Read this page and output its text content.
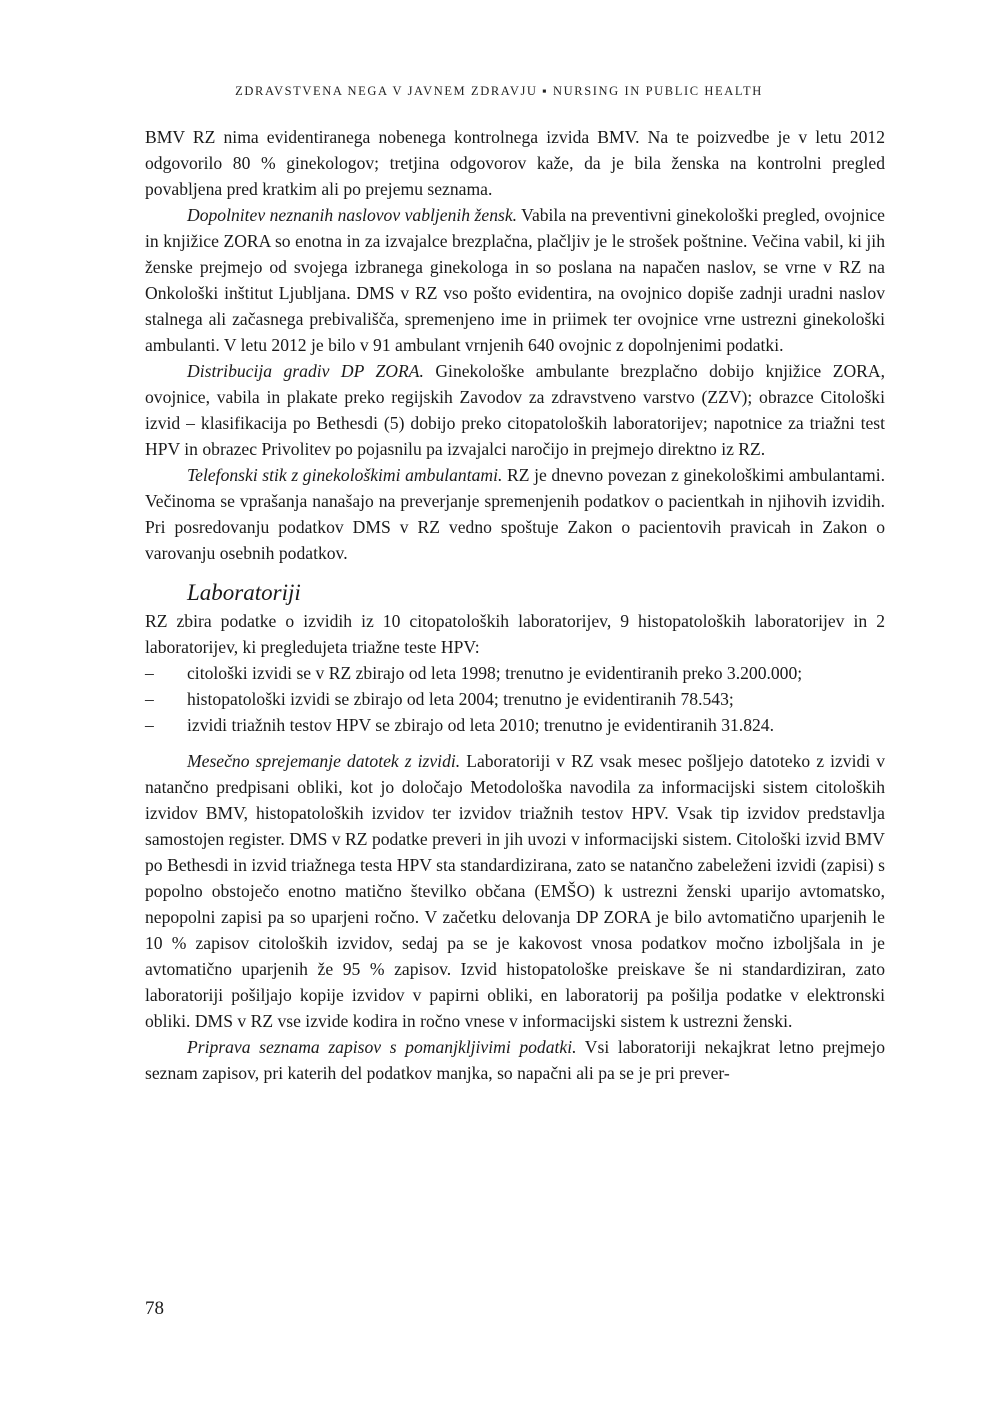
ZDRAVSTVENA NEGA V JAVNEM ZDRAVJU ▪ NURSING IN PUBLIC HEALTH

BMV RZ nima evidentiranega nobenega kontrolnega izvida BMV. Na te poizvedbe je v letu 2012 odgovorilo 80 % ginekologov; tretjina odgovorov kaže, da je bila ženska na kontrolni pregled povabljena pred kratkim ali po prejemu seznama.

Dopolnitev neznanih naslovov vabljenih žensk. Vabila na preventivni ginekološki pregled, ovojnice in knjižice ZORA so enotna in za izvajalce brezplačna, plačljiv je le strošek poštnine. Večina vabil, ki jih ženske prejmejo od svojega izbranega ginekologa in so poslana na napačen naslov, se vrne v RZ na Onkološki inštitut Ljubljana. DMS v RZ vso pošto evidentira, na ovojnico dopiše zadnji uradni naslov stalnega ali začasnega prebivališča, spremenjeno ime in priimek ter ovojnice vrne ustrezni ginekološki ambulanti. V letu 2012 je bilo v 91 ambulant vrnjenih 640 ovojnic z dopolnjenimi podatki.

Distribucija gradiv DP ZORA. Ginekološke ambulante brezplačno dobijo knjižice ZORA, ovojnice, vabila in plakate preko regijskih Zavodov za zdravstveno varstvo (ZZV); obrazce Citološki izvid – klasifikacija po Bethesdi (5) dobijo preko citopatoloških laboratorijev; napotnice za triažni test HPV in obrazec Privolitev po pojasnilu pa izvajalci naročijo in prejmejo direktno iz RZ.

Telefonski stik z ginekološkimi ambulantami. RZ je dnevno povezan z ginekološkimi ambulantami. Večinoma se vprašanja nanašajo na preverjanje spremenjenih podatkov o pacientkah in njihovih izvidih. Pri posredovanju podatkov DMS v RZ vedno spoštuje Zakon o pacientovih pravicah in Zakon o varovanju osebnih podatkov.

Laboratoriji

RZ zbira podatke o izvidih iz 10 citopatoloških laboratorijev, 9 histopatoloških laboratorijev in 2 laboratorijev, ki pregledujeta triažne teste HPV:

– citološki izvidi se v RZ zbirajo od leta 1998; trenutno je evidentiranih preko 3.200.000;
– histopatološki izvidi se zbirajo od leta 2004; trenutno je evidentiranih 78.543;
– izvidi triažnih testov HPV se zbirajo od leta 2010; trenutno je evidentiranih 31.824.

Mesečno sprejemanje datotek z izvidi. Laboratoriji v RZ vsak mesec pošljejo datoteko z izvidi v natančno predpisani obliki, kot jo določajo Metodološka navodila za informacijski sistem citoloških izvidov BMV, histopatoloških izvidov ter izvidov triažnih testov HPV. Vsak tip izvidov predstavlja samostojen register. DMS v RZ podatke preveri in jih uvozi v informacijski sistem. Citološki izvid BMV po Bethesdi in izvid triažnega testa HPV sta standardizirana, zato se natančno zabeleženi izvidi (zapisi) s popolno obstoječo enotno matično številko občana (EMŠO) k ustrezni ženski uparijo avtomatsko, nepopolni zapisi pa so uparjeni ročno. V začetku delovanja DP ZORA je bilo avtomatično uparjenih le 10 % zapisov citoloških izvidov, sedaj pa se je kakovost vnosa podatkov močno izboljšala in je avtomatično uparjenih že 95 % zapisov. Izvid histopatološke preiskave še ni standardiziran, zato laboratoriji pošiljajo kopije izvidov v papirni obliki, en laboratorij pa pošilja podatke v elektronski obliki. DMS v RZ vse izvide kodira in ročno vnese v informacijski sistem k ustrezni ženski.

Priprava seznama zapisov s pomanjkljivimi podatki. Vsi laboratoriji nekajkrat letno prejmejo seznam zapisov, pri katerih del podatkov manjka, so napačni ali pa se je pri prever-

78
